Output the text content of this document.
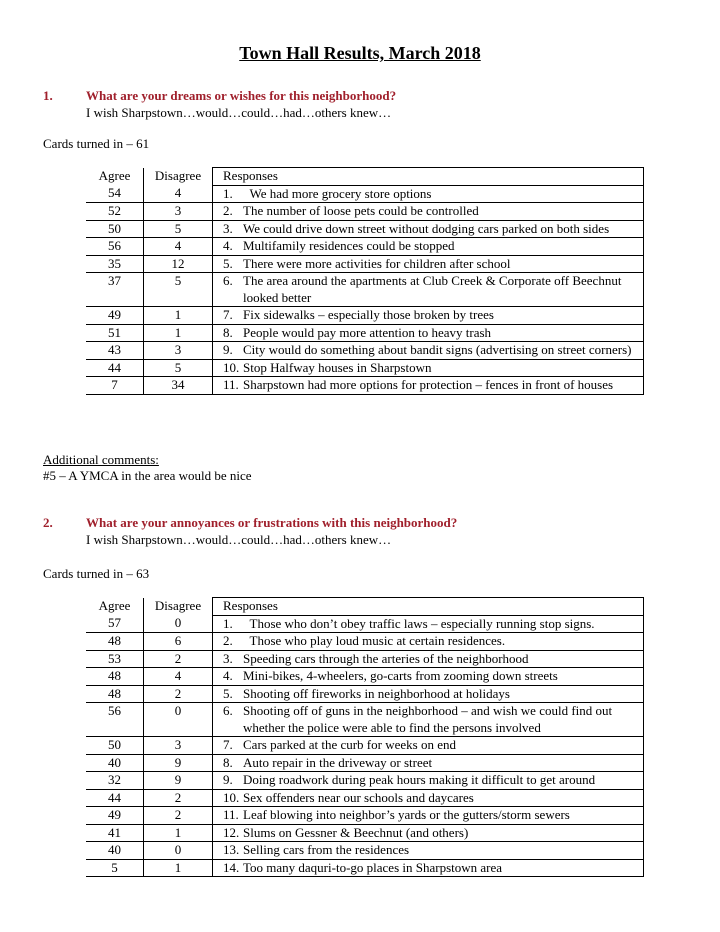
Town Hall Results, March 2018
1.	What are your dreams or wishes for this neighborhood?
I wish Sharpstown…would…could…had…others knew…
Cards turned in – 61
Agree	Disagree	Responses
54	4	1.  We had more grocery store options
52	3	2. The number of loose pets could be controlled
50	5	3. We could drive down street without dodging cars parked on both sides
56	4	4. Multifamily residences could be stopped
35	12	5. There were more activities for children after school
37	5	6. The area around the apartments at Club Creek & Corporate off Beechnut looked better
49	1	7. Fix sidewalks – especially those broken by trees
51	1	8. People would pay more attention to heavy trash
43	3	9. City would do something about bandit signs (advertising on street corners)
44	5	10. Stop Halfway houses in Sharpstown
7	34	11. Sharpstown had more options for protection – fences in front of houses
Additional comments:
#5 – A YMCA in the area would be nice
2.	What are your annoyances or frustrations with this neighborhood?
I wish Sharpstown…would…could…had…others knew…
Cards turned in – 63
Agree	Disagree	Responses
57	0	1.  Those who don’t obey traffic laws – especially running stop signs.
48	6	2.  Those who play loud music at certain residences.
53	2	3. Speeding cars through the arteries of the neighborhood
48	4	4. Mini-bikes, 4-wheelers, go-carts from zooming down streets
48	2	5. Shooting off fireworks in neighborhood at holidays
56	0	6. Shooting off of guns in the neighborhood – and wish we could find out whether the police were able to find the persons involved
50	3	7. Cars parked at the curb for weeks on end
40	9	8. Auto repair in the driveway or street
32	9	9. Doing roadwork during peak hours making it difficult to get around
44	2	10. Sex offenders near our schools and daycares
49	2	11. Leaf blowing into neighbor’s yards or the gutters/storm sewers
41	1	12. Slums on Gessner & Beechnut (and others)
40	0	13. Selling cars from the residences
5	1	14. Too many daquri-to-go places in Sharpstown area
